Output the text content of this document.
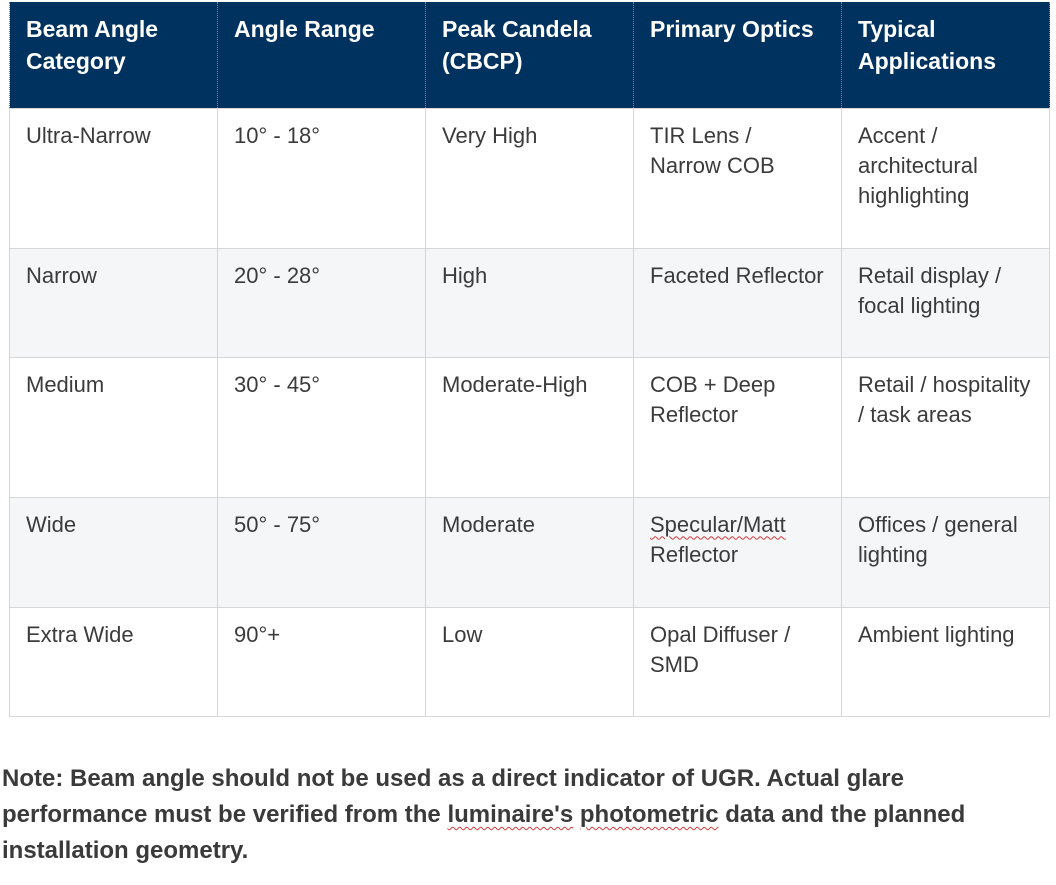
Beam Angle Category	Angle Range	Peak Candela (CBCP)	Primary Optics	Typical Applications
Ultra-Narrow	10° - 18°	Very High	TIR Lens / Narrow COB	Accent / architectural highlighting
Narrow	20° - 28°	High	Faceted Reflector	Retail display / focal lighting
Medium	30° - 45°	Moderate-High	COB + Deep Reflector	Retail / hospitality / task areas
Wide	50° - 75°	Moderate	Specular/Matt Reflector	Offices / general lighting
Extra Wide	90°+	Low	Opal Diffuser / SMD	Ambient lighting

Note: Beam angle should not be used as a direct indicator of UGR. Actual glare performance must be verified from the luminaire's photometric data and the planned installation geometry.
